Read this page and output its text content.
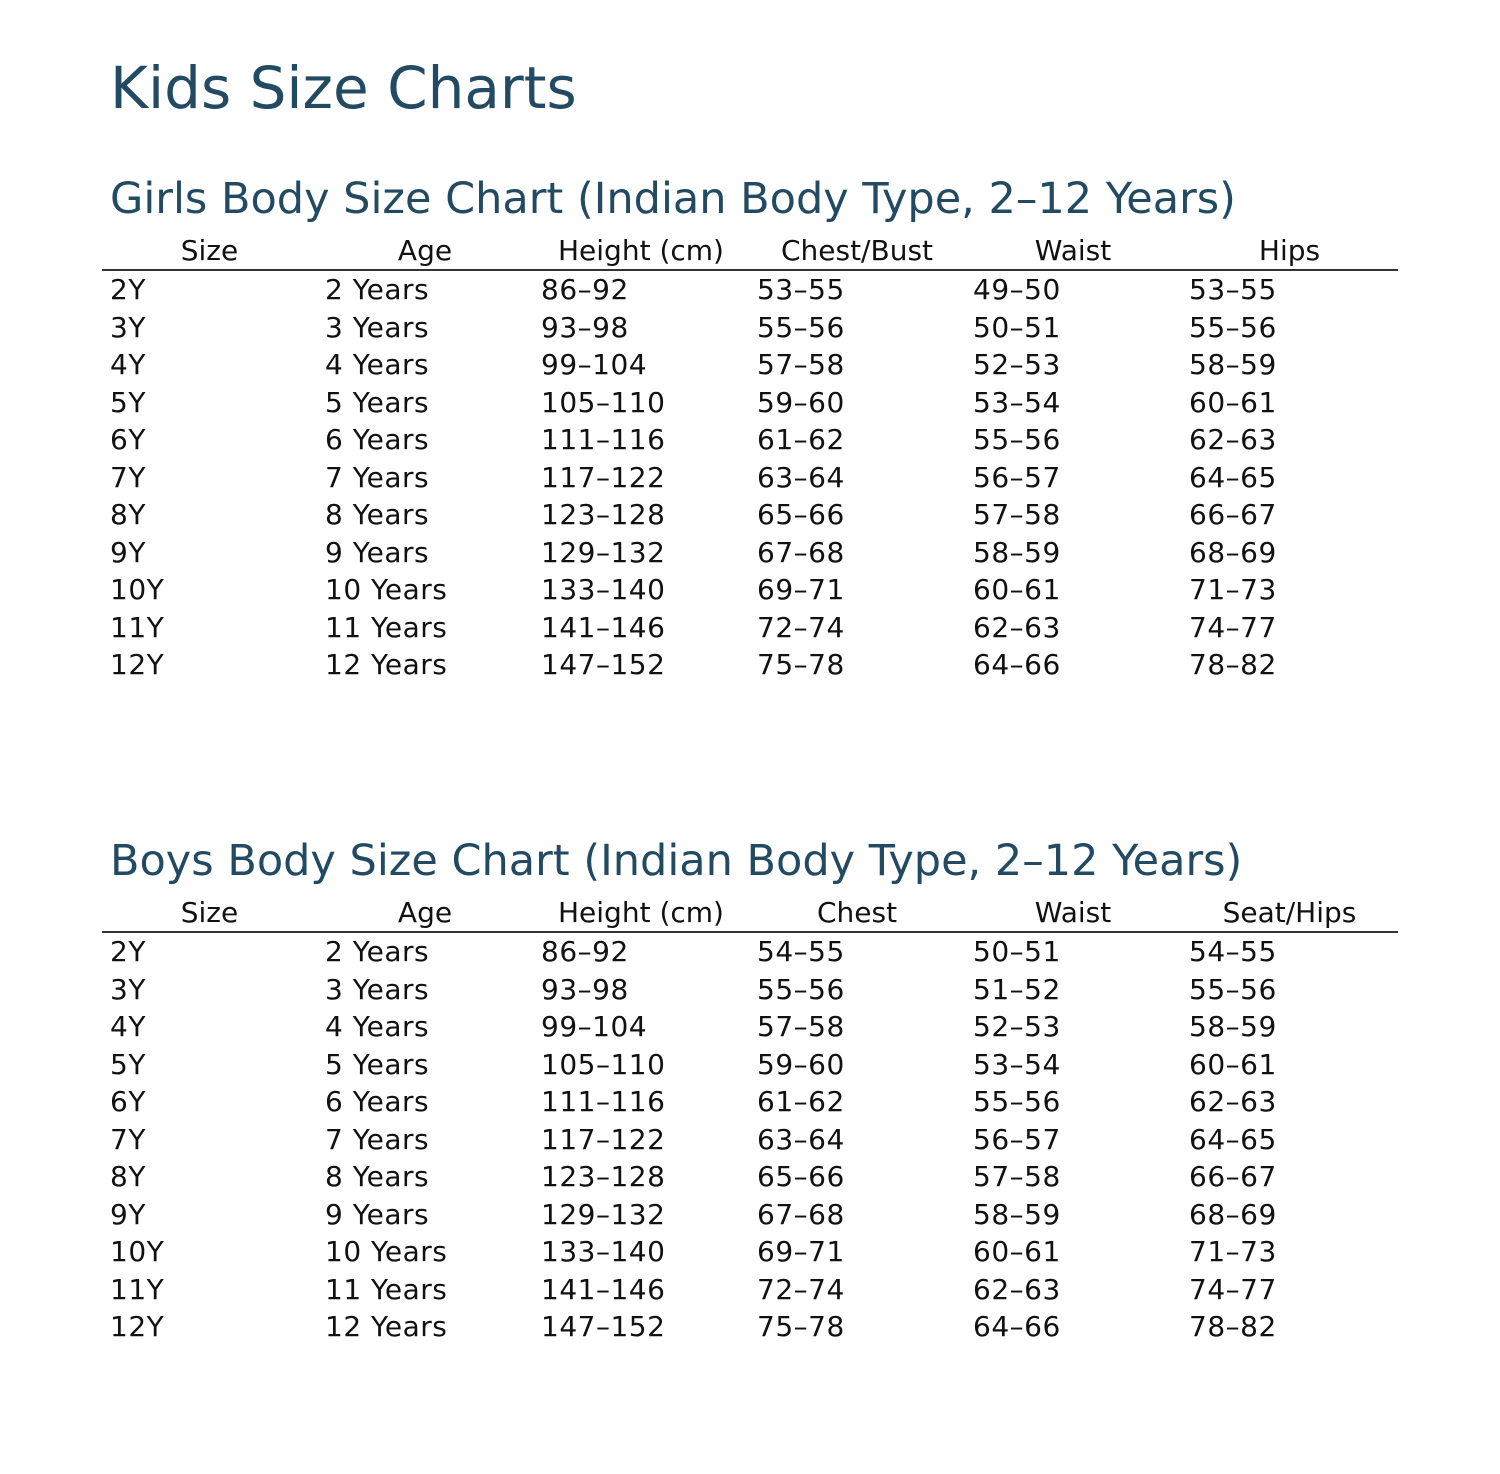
Kids Size Charts
Girls Body Size Chart (Indian Body Type, 2–12 Years)
Size	Age	Height (cm)	Chest/Bust	Waist	Hips
2Y	2 Years	86–92	53–55	49–50	53–55
3Y	3 Years	93–98	55–56	50–51	55–56
4Y	4 Years	99–104	57–58	52–53	58–59
5Y	5 Years	105–110	59–60	53–54	60–61
6Y	6 Years	111–116	61–62	55–56	62–63
7Y	7 Years	117–122	63–64	56–57	64–65
8Y	8 Years	123–128	65–66	57–58	66–67
9Y	9 Years	129–132	67–68	58–59	68–69
10Y	10 Years	133–140	69–71	60–61	71–73
11Y	11 Years	141–146	72–74	62–63	74–77
12Y	12 Years	147–152	75–78	64–66	78–82
Boys Body Size Chart (Indian Body Type, 2–12 Years)
Size	Age	Height (cm)	Chest	Waist	Seat/Hips
2Y	2 Years	86–92	54–55	50–51	54–55
3Y	3 Years	93–98	55–56	51–52	55–56
4Y	4 Years	99–104	57–58	52–53	58–59
5Y	5 Years	105–110	59–60	53–54	60–61
6Y	6 Years	111–116	61–62	55–56	62–63
7Y	7 Years	117–122	63–64	56–57	64–65
8Y	8 Years	123–128	65–66	57–58	66–67
9Y	9 Years	129–132	67–68	58–59	68–69
10Y	10 Years	133–140	69–71	60–61	71–73
11Y	11 Years	141–146	72–74	62–63	74–77
12Y	12 Years	147–152	75–78	64–66	78–82
